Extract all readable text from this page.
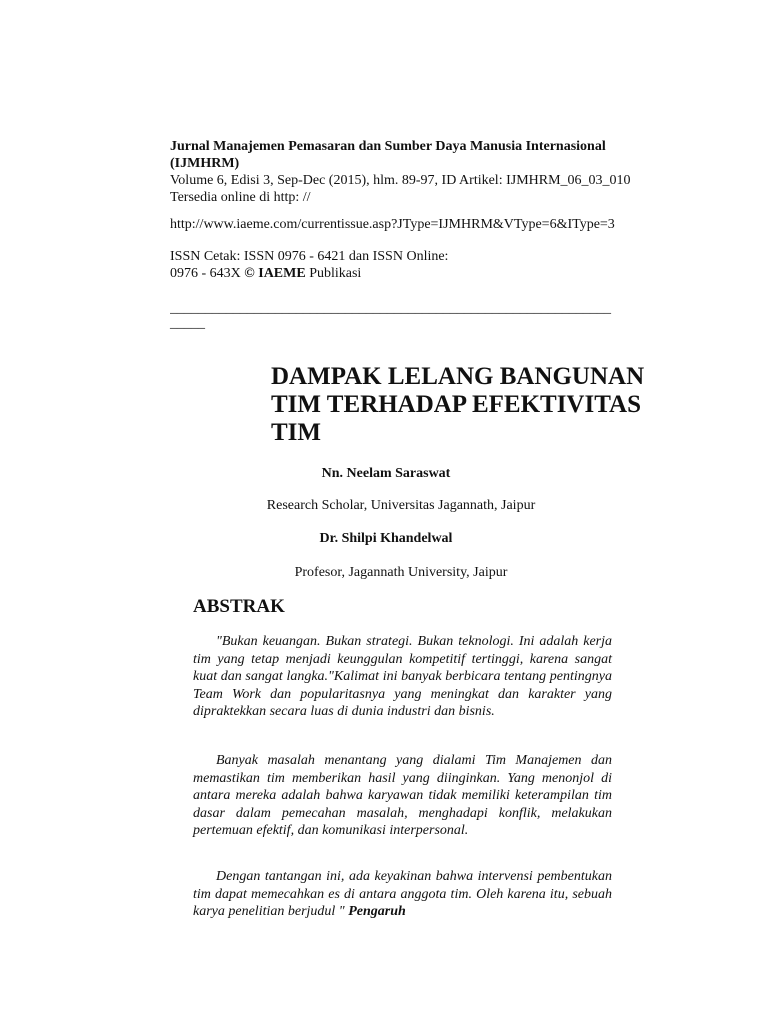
Jurnal Manajemen Pemasaran dan Sumber Daya Manusia Internasional
(IJMHRM)
Volume 6, Edisi 3, Sep-Dec (2015), hlm. 89-97, ID Artikel: IJMHRM_06_03_010
Tersedia online di http: //
http://www.iaeme.com/currentissue.asp?JType=IJMHRM&VType=6&IType=3
ISSN Cetak: ISSN 0976 - 6421 dan ISSN Online:
0976 - 643X © IAEME Publikasi
_______________________________________________________________
_____
DAMPAK LELANG BANGUNAN TIM TERHADAP EFEKTIVITAS TIM
Nn. Neelam Saraswat
Research Scholar, Universitas Jagannath, Jaipur
Dr. Shilpi Khandelwal
Profesor, Jagannath University, Jaipur
ABSTRAK
"Bukan keuangan. Bukan strategi. Bukan teknologi. Ini adalah kerja tim yang tetap menjadi keunggulan kompetitif tertinggi, karena sangat kuat dan sangat langka."Kalimat ini banyak berbicara tentang pentingnya Team Work dan popularitasnya yang meningkat dan karakter yang dipraktekkan secara luas di dunia industri dan bisnis.
Banyak masalah menantang yang dialami Tim Manajemen dan memastikan tim memberikan hasil yang diinginkan. Yang menonjol di antara mereka adalah bahwa karyawan tidak memiliki keterampilan tim dasar dalam pemecahan masalah, menghadapi konflik, melakukan pertemuan efektif, dan komunikasi interpersonal.
Dengan tantangan ini, ada keyakinan bahwa intervensi pembentukan tim dapat memecahkan es di antara anggota tim. Oleh karena itu, sebuah karya penelitian berjudul " Pengaruh
